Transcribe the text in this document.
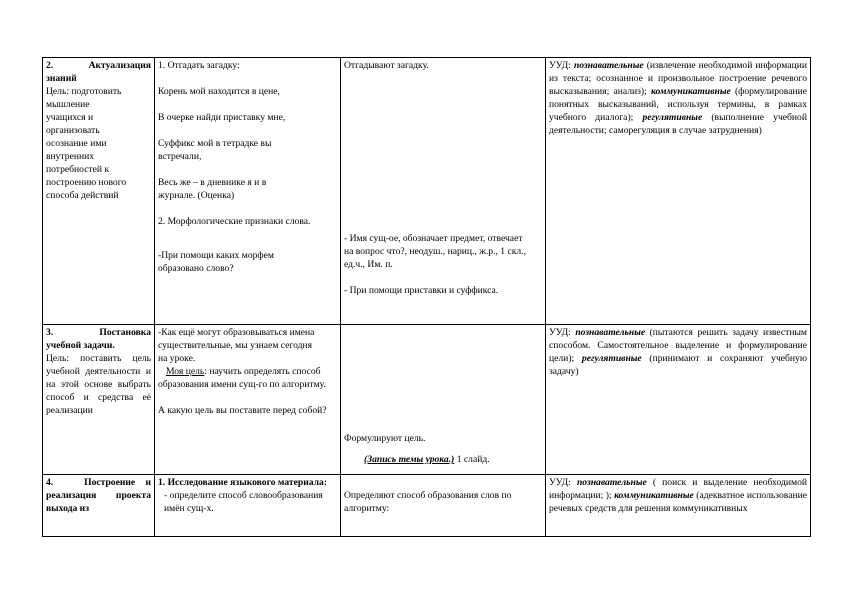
2.      Актуализация знаний

Цель: подготовить мышление учащихся и организовать осознание ими внутренних потребностей к построению нового способа действий

1. Отгадать загадку:

Корень мой находится в цене,

В очерке найди приставку мне,

Суффикс мой в тетрадке вы встречали,

Весь же – в дневнике я и в журнале. (Оценка)

2. Морфологические признаки слова.

-При помощи каких морфем образовано слово?

Отгадывают загадку.

- Имя сущ-ое, обозначает предмет, отвечает на вопрос что?, неодуш., нариц., ж.р., 1 скл., ед.ч., Им. п.

- При помощи приставки и суффикса.

УУД: познавательные (извлечение необходимой информации из текста; осознанное и произвольное построение речевого высказывания; анализ); коммуникативные (формулирование понятных высказываний, используя термины, в рамках учебного диалога); регулятивные (выполнение учебной деятельности; саморегуляция в случае затруднения)

3.      Постановка учебной задачи.

Цель: поставить цель учебной деятельности и на этой основе выбрать способ и средства её реализации

-Как ещё могут образовываться имена существительные, мы узнаем сегодня на уроке.

Моя цель: научить определять способ образования имени сущ-го по алгоритму.

А какую цель вы поставите перед собой?

Формулируют цель.

(Запись темы урока.) 1 слайд.

УУД: познавательные (пытаются решить задачу известным способом. Самостоятельное выделение и формулирование цели); регулятивные (принимают и сохраняют учебную задачу)

4.   Построение и реализация проекта выхода из

1. Исследование языкового материала:

- определите способ словообразования имён сущ-х.

Определяют способ образования слов по алгоритму:

УУД: познавательные ( поиск и выделение необходимой информации; ); коммуникативные (адекватное использование речевых средств для решения коммуникативных
